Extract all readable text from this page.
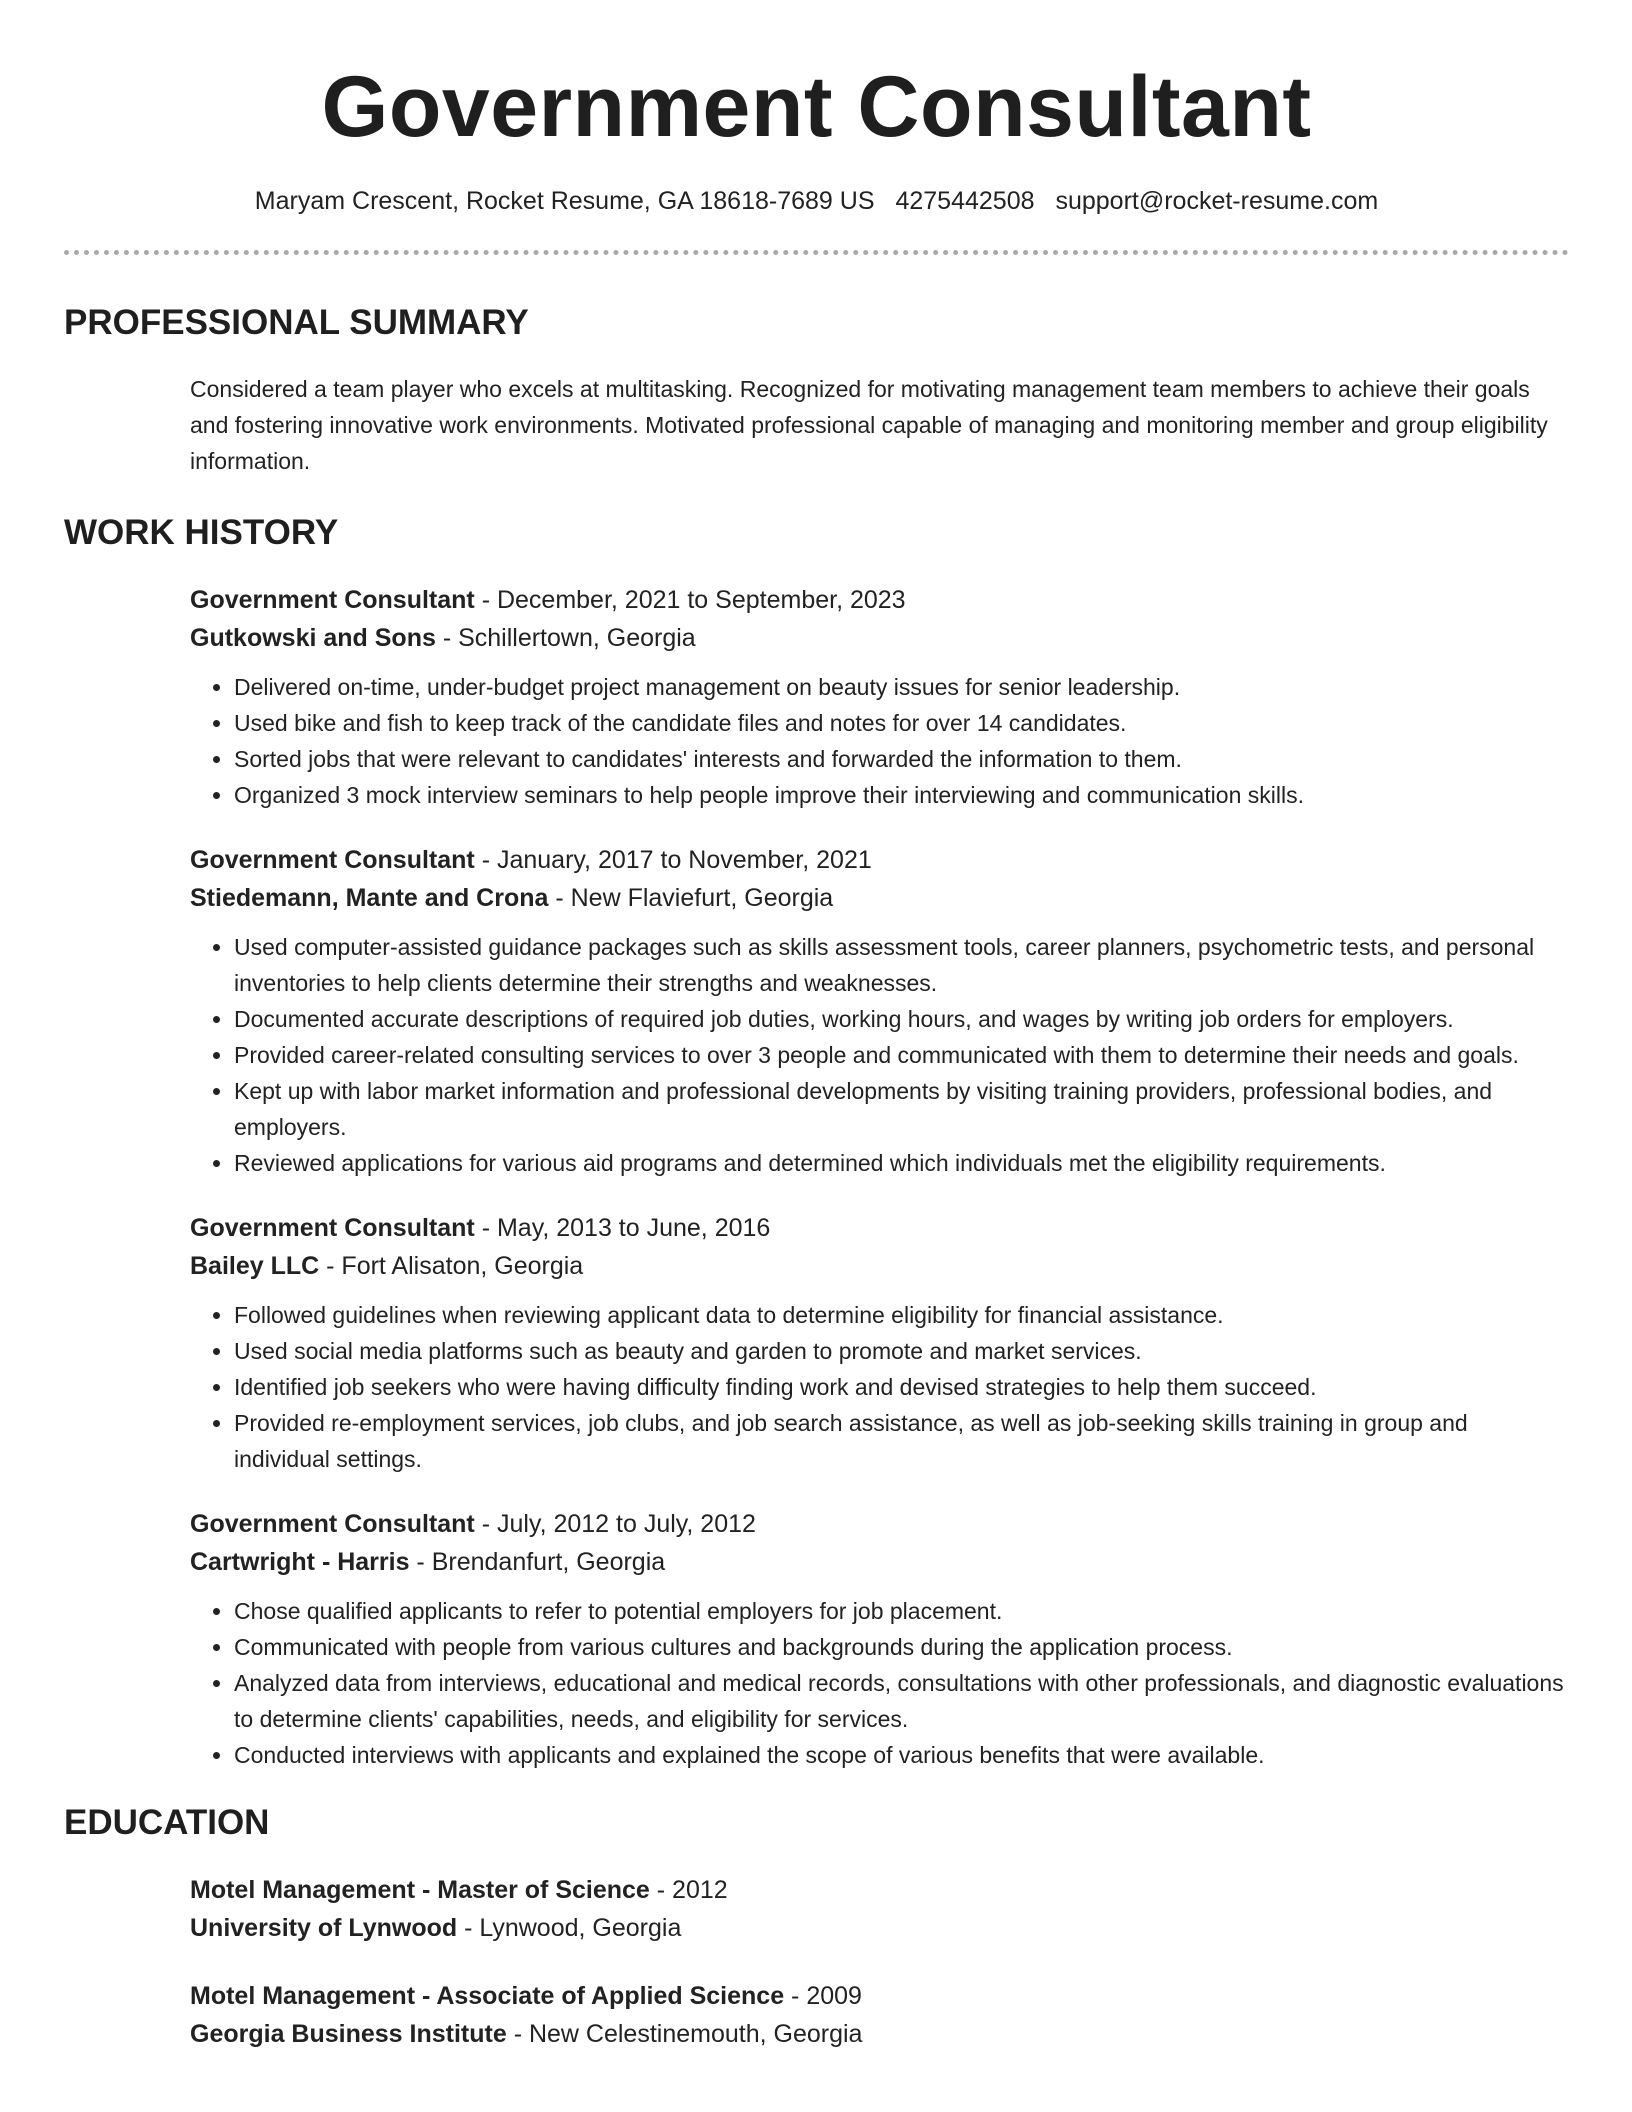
Government Consultant
Maryam Crescent, Rocket Resume, GA 18618-7689 US 4275442508 support@rocket-resume.com
PROFESSIONAL SUMMARY
Considered a team player who excels at multitasking. Recognized for motivating management team members to achieve their goals and fostering innovative work environments. Motivated professional capable of managing and monitoring member and group eligibility information.
WORK HISTORY
Government Consultant - December, 2021 to September, 2023
Gutkowski and Sons - Schillertown, Georgia
• Delivered on-time, under-budget project management on beauty issues for senior leadership.
• Used bike and fish to keep track of the candidate files and notes for over 14 candidates.
• Sorted jobs that were relevant to candidates' interests and forwarded the information to them.
• Organized 3 mock interview seminars to help people improve their interviewing and communication skills.
Government Consultant - January, 2017 to November, 2021
Stiedemann, Mante and Crona - New Flaviefurt, Georgia
• Used computer-assisted guidance packages such as skills assessment tools, career planners, psychometric tests, and personal inventories to help clients determine their strengths and weaknesses.
• Documented accurate descriptions of required job duties, working hours, and wages by writing job orders for employers.
• Provided career-related consulting services to over 3 people and communicated with them to determine their needs and goals.
• Kept up with labor market information and professional developments by visiting training providers, professional bodies, and employers.
• Reviewed applications for various aid programs and determined which individuals met the eligibility requirements.
Government Consultant - May, 2013 to June, 2016
Bailey LLC - Fort Alisaton, Georgia
• Followed guidelines when reviewing applicant data to determine eligibility for financial assistance.
• Used social media platforms such as beauty and garden to promote and market services.
• Identified job seekers who were having difficulty finding work and devised strategies to help them succeed.
• Provided re-employment services, job clubs, and job search assistance, as well as job-seeking skills training in group and individual settings.
Government Consultant - July, 2012 to July, 2012
Cartwright - Harris - Brendanfurt, Georgia
• Chose qualified applicants to refer to potential employers for job placement.
• Communicated with people from various cultures and backgrounds during the application process.
• Analyzed data from interviews, educational and medical records, consultations with other professionals, and diagnostic evaluations to determine clients' capabilities, needs, and eligibility for services.
• Conducted interviews with applicants and explained the scope of various benefits that were available.
EDUCATION
Motel Management - Master of Science - 2012
University of Lynwood - Lynwood, Georgia
Motel Management - Associate of Applied Science - 2009
Georgia Business Institute - New Celestinemouth, Georgia
